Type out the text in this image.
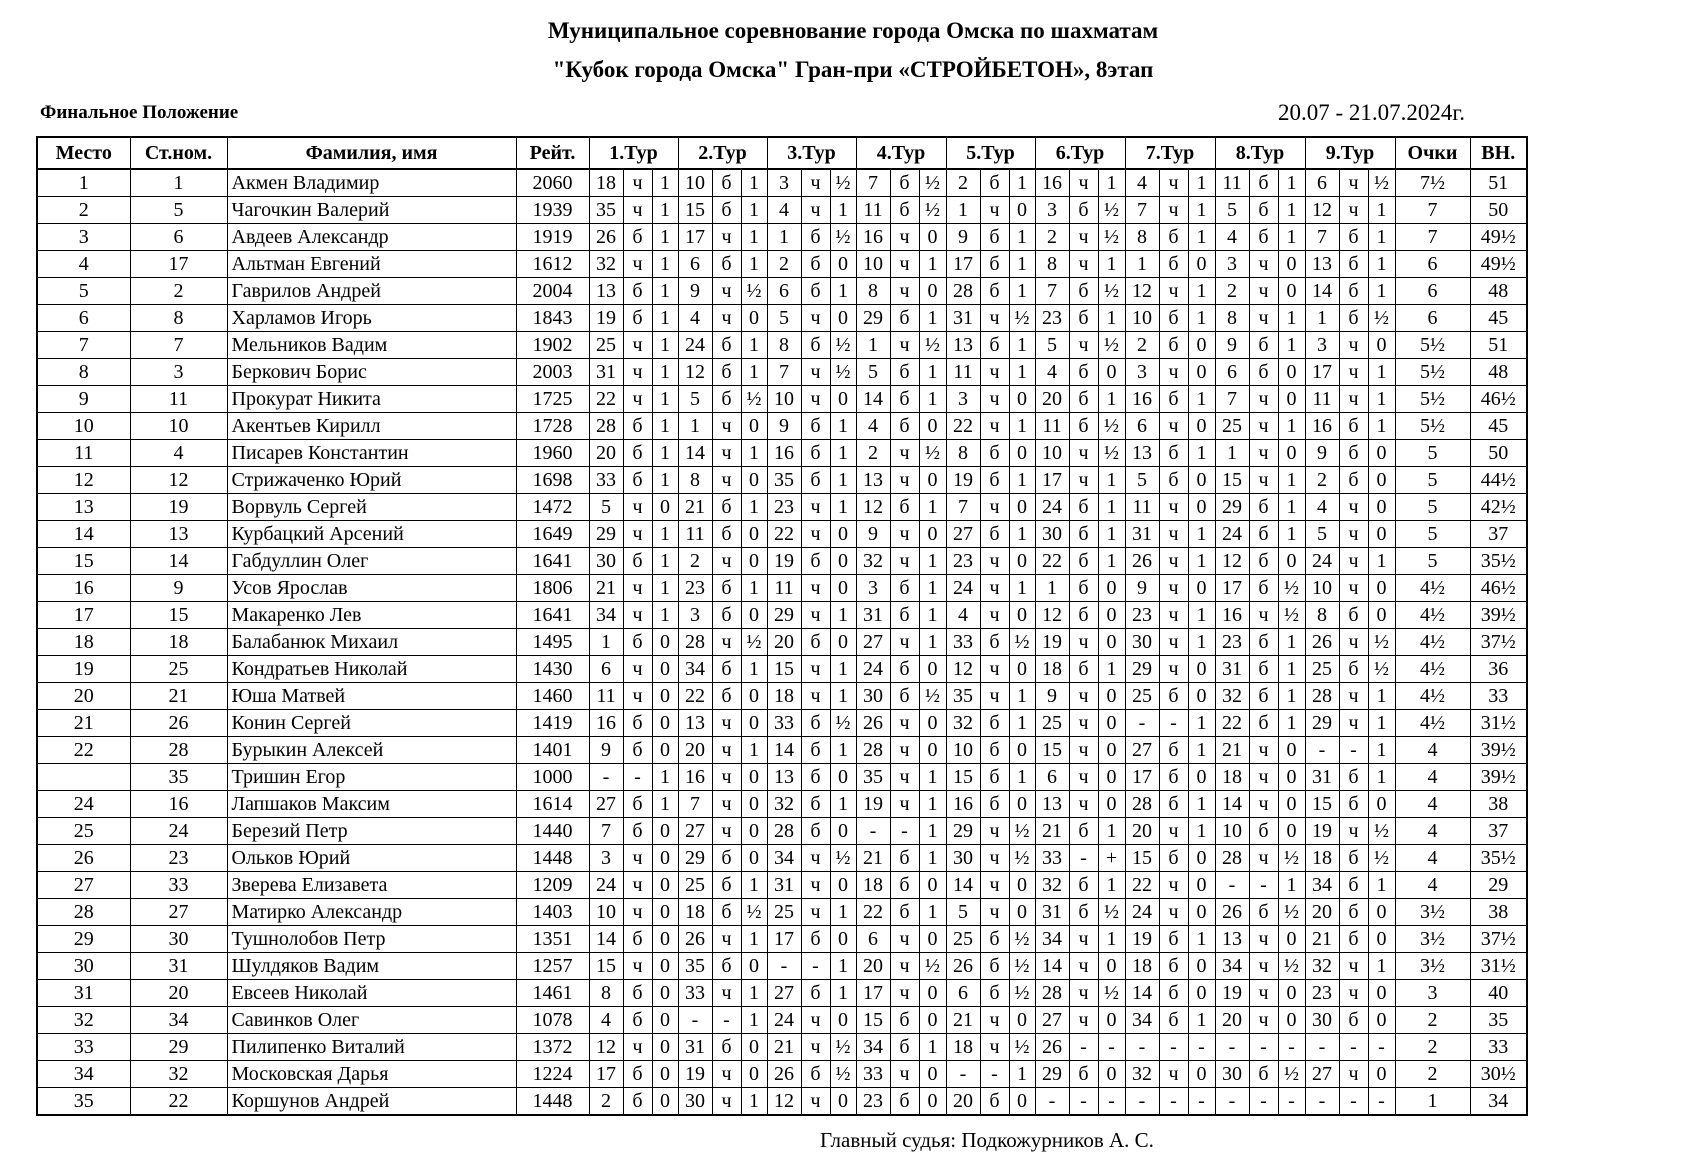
Муниципальное соревнование города Омска по шахматам
"Кубок города Омска" Гран-при «СТРОЙБЕТОН», 8этап
Финальное Положение	20.07 - 21.07.2024г.
Место	Ст.ном.	Фамилия, имя	Рейт.	1.Тур			2.Тур			3.Тур			4.Тур			5.Тур			6.Тур			7.Тур			8.Тур			9.Тур			Очки	ВН.
1	1	Акмен Владимир	2060	18	ч	1	10	б	1	3	ч	½	7	б	½	2	б	1	16	ч	1	4	ч	1	11	б	1	6	ч	½	7½	51
2	5	Чагочкин Валерий	1939	35	ч	1	15	б	1	4	ч	1	11	б	½	1	ч	0	3	б	½	7	ч	1	5	б	1	12	ч	1	7	50
3	6	Авдеев Александр	1919	26	б	1	17	ч	1	1	б	½	16	ч	0	9	б	1	2	ч	½	8	б	1	4	б	1	7	б	1	7	49½
4	17	Альтман Евгений	1612	32	ч	1	6	б	1	2	б	0	10	ч	1	17	б	1	8	ч	1	1	б	0	3	ч	0	13	б	1	6	49½
5	2	Гаврилов Андрей	2004	13	б	1	9	ч	½	6	б	1	8	ч	0	28	б	1	7	б	½	12	ч	1	2	ч	0	14	б	1	6	48
6	8	Харламов Игорь	1843	19	б	1	4	ч	0	5	ч	0	29	б	1	31	ч	½	23	б	1	10	б	1	8	ч	1	1	б	½	6	45
7	7	Мельников Вадим	1902	25	ч	1	24	б	1	8	б	½	1	ч	½	13	б	1	5	ч	½	2	б	0	9	б	1	3	ч	0	5½	51
8	3	Беркович Борис	2003	31	ч	1	12	б	1	7	ч	½	5	б	1	11	ч	1	4	б	0	3	ч	0	6	б	0	17	ч	1	5½	48
9	11	Прокурат Никита	1725	22	ч	1	5	б	½	10	ч	0	14	б	1	3	ч	0	20	б	1	16	б	1	7	ч	0	11	ч	1	5½	46½
10	10	Акентьев Кирилл	1728	28	б	1	1	ч	0	9	б	1	4	б	0	22	ч	1	11	б	½	6	ч	0	25	ч	1	16	б	1	5½	45
11	4	Писарев Константин	1960	20	б	1	14	ч	1	16	б	1	2	ч	½	8	б	0	10	ч	½	13	б	1	1	ч	0	9	б	0	5	50
12	12	Стрижаченко Юрий	1698	33	б	1	8	ч	0	35	б	1	13	ч	0	19	б	1	17	ч	1	5	б	0	15	ч	1	2	б	0	5	44½
13	19	Ворвуль Сергей	1472	5	ч	0	21	б	1	23	ч	1	12	б	1	7	ч	0	24	б	1	11	ч	0	29	б	1	4	ч	0	5	42½
14	13	Курбацкий Арсений	1649	29	ч	1	11	б	0	22	ч	0	9	ч	0	27	б	1	30	б	1	31	ч	1	24	б	1	5	ч	0	5	37
15	14	Габдуллин Олег	1641	30	б	1	2	ч	0	19	б	0	32	ч	1	23	ч	0	22	б	1	26	ч	1	12	б	0	24	ч	1	5	35½
16	9	Усов Ярослав	1806	21	ч	1	23	б	1	11	ч	0	3	б	1	24	ч	1	1	б	0	9	ч	0	17	б	½	10	ч	0	4½	46½
17	15	Макаренко Лев	1641	34	ч	1	3	б	0	29	ч	1	31	б	1	4	ч	0	12	б	0	23	ч	1	16	ч	½	8	б	0	4½	39½
18	18	Балабанюк Михаил	1495	1	б	0	28	ч	½	20	б	0	27	ч	1	33	б	½	19	ч	0	30	ч	1	23	б	1	26	ч	½	4½	37½
19	25	Кондратьев Николай	1430	6	ч	0	34	б	1	15	ч	1	24	б	0	12	ч	0	18	б	1	29	ч	0	31	б	1	25	б	½	4½	36
20	21	Юша Матвей	1460	11	ч	0	22	б	0	18	ч	1	30	б	½	35	ч	1	9	ч	0	25	б	0	32	б	1	28	ч	1	4½	33
21	26	Конин Сергей	1419	16	б	0	13	ч	0	33	б	½	26	ч	0	32	б	1	25	ч	0	-	-	1	22	б	1	29	ч	1	4½	31½
22	28	Бурыкин Алексей	1401	9	б	0	20	ч	1	14	б	1	28	ч	0	10	б	0	15	ч	0	27	б	1	21	ч	0	-	-	1	4	39½
	35	Тришин Егор	1000	-	-	1	16	ч	0	13	б	0	35	ч	1	15	б	1	6	ч	0	17	б	0	18	ч	0	31	б	1	4	39½
24	16	Лапшаков Максим	1614	27	б	1	7	ч	0	32	б	1	19	ч	1	16	б	0	13	ч	0	28	б	1	14	ч	0	15	б	0	4	38
25	24	Березий Петр	1440	7	б	0	27	ч	0	28	б	0	-	-	1	29	ч	½	21	б	1	20	ч	1	10	б	0	19	ч	½	4	37
26	23	Ольков Юрий	1448	3	ч	0	29	б	0	34	ч	½	21	б	1	30	ч	½	33	-	+	15	б	0	28	ч	½	18	б	½	4	35½
27	33	Зверева Елизавета	1209	24	ч	0	25	б	1	31	ч	0	18	б	0	14	ч	0	32	б	1	22	ч	0	-	-	1	34	б	1	4	29
28	27	Матирко Александр	1403	10	ч	0	18	б	½	25	ч	1	22	б	1	5	ч	0	31	б	½	24	ч	0	26	б	½	20	б	0	3½	38
29	30	Тушнолобов Петр	1351	14	б	0	26	ч	1	17	б	0	6	ч	0	25	б	½	34	ч	1	19	б	1	13	ч	0	21	б	0	3½	37½
30	31	Шулдяков Вадим	1257	15	ч	0	35	б	0	-	-	1	20	ч	½	26	б	½	14	ч	0	18	б	0	34	ч	½	32	ч	1	3½	31½
31	20	Евсеев Николай	1461	8	б	0	33	ч	1	27	б	1	17	ч	0	6	б	½	28	ч	½	14	б	0	19	ч	0	23	ч	0	3	40
32	34	Савинков Олег	1078	4	б	0	-	-	1	24	ч	0	15	б	0	21	ч	0	27	ч	0	34	б	1	20	ч	0	30	б	0	2	35
33	29	Пилипенко Виталий	1372	12	ч	0	31	б	0	21	ч	½	34	б	1	18	ч	½	26	-	-	-	-	-	-	-	-	-	-	-	2	33
34	32	Московская Дарья	1224	17	б	0	19	ч	0	26	б	½	33	ч	0	-	-	1	29	б	0	32	ч	0	30	б	½	27	ч	0	2	30½
35	22	Коршунов Андрей	1448	2	б	0	30	ч	1	12	ч	0	23	б	0	20	б	0	-	-	-	-	-	-	-	-	-	-	-	-	1	34
Главный судья: Подкожурников А. С.
